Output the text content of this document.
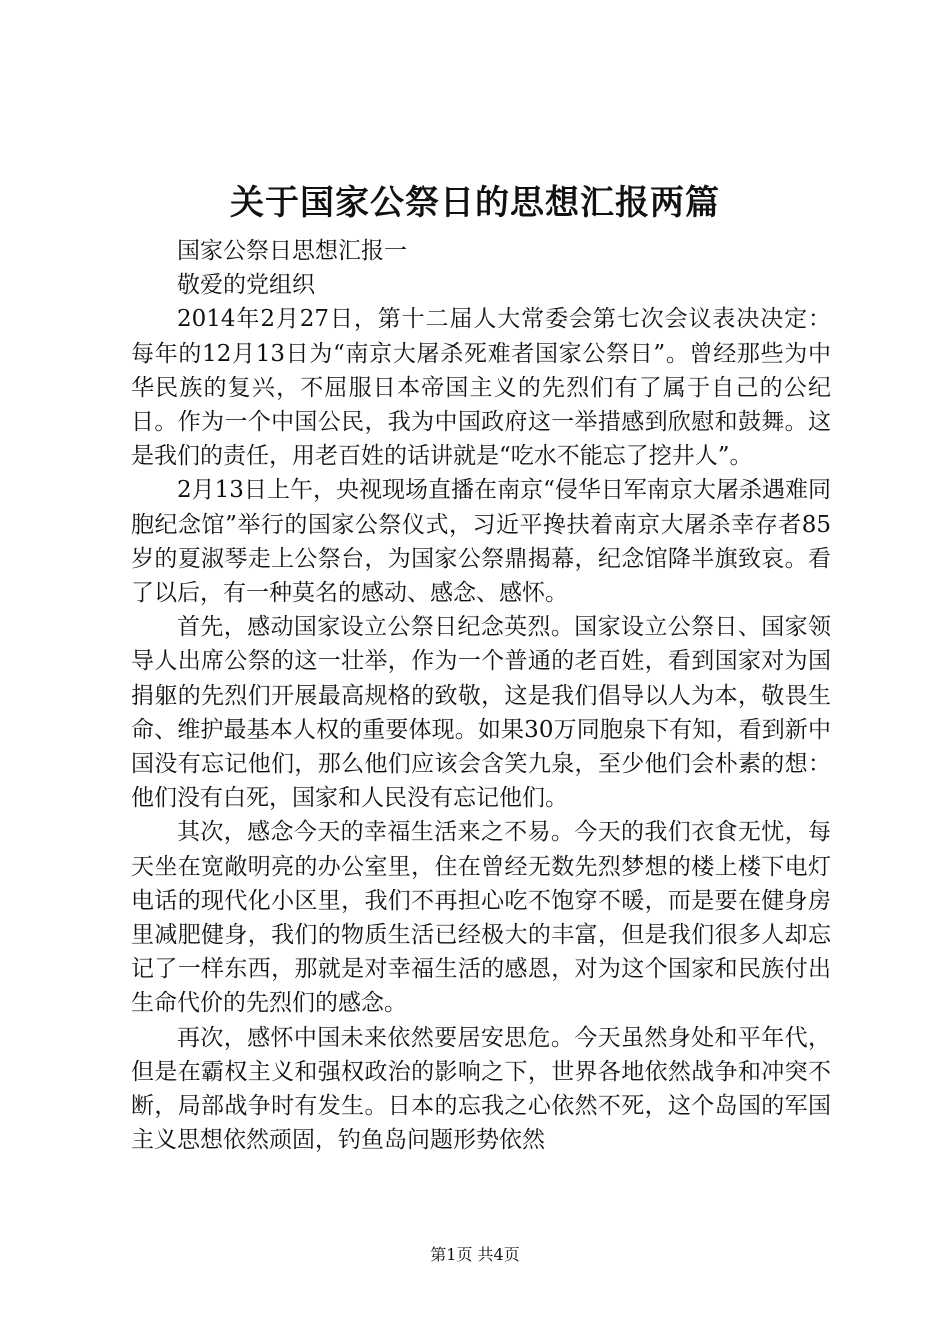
关于国家公祭日的思想汇报两篇

国家公祭日思想汇报一

敬爱的党组织

2014年2月27日，第十二届人大常委会第七次会议表决决定：每年的12月13日为“南京大屠杀死难者国家公祭日”。曾经那些为中华民族的复兴，不屈服日本帝国主义的先烈们有了属于自己的公纪日。作为一个中国公民，我为中国政府这一举措感到欣慰和鼓舞。这是我们的责任，用老百姓的话讲就是“吃水不能忘了挖井人”。

2月13日上午，央视现场直播在南京“侵华日军南京大屠杀遇难同胞纪念馆”举行的国家公祭仪式，习近平搀扶着南京大屠杀幸存者85岁的夏淑琴走上公祭台，为国家公祭鼎揭幕，纪念馆降半旗致哀。看了以后，有一种莫名的感动、感念、感怀。

首先，感动国家设立公祭日纪念英烈。国家设立公祭日、国家领导人出席公祭的这一壮举，作为一个普通的老百姓，看到国家对为国捐躯的先烈们开展最高规格的致敬，这是我们倡导以人为本，敬畏生命、维护最基本人权的重要体现。如果30万同胞泉下有知，看到新中国没有忘记他们，那么他们应该会含笑九泉，至少他们会朴素的想：他们没有白死，国家和人民没有忘记他们。

其次，感念今天的幸福生活来之不易。今天的我们衣食无忧，每天坐在宽敞明亮的办公室里，住在曾经无数先烈梦想的楼上楼下电灯电话的现代化小区里，我们不再担心吃不饱穿不暖，而是要在健身房里减肥健身，我们的物质生活已经极大的丰富，但是我们很多人却忘记了一样东西，那就是对幸福生活的感恩，对为这个国家和民族付出生命代价的先烈们的感念。

再次，感怀中国未来依然要居安思危。今天虽然身处和平年代，但是在霸权主义和强权政治的影响之下，世界各地依然战争和冲突不断，局部战争时有发生。日本的忘我之心依然不死，这个岛国的军国主义思想依然顽固，钓鱼岛问题形势依然

第1页 共4页
